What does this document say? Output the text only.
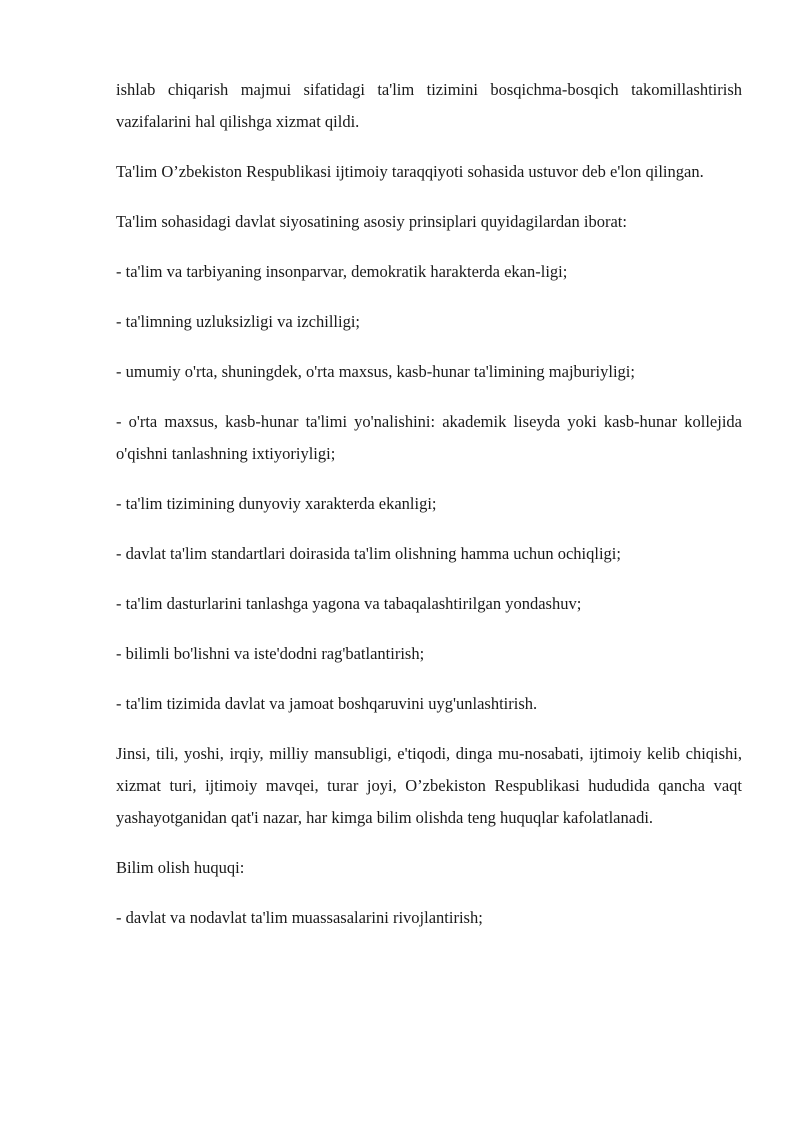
ishlab chiqarish majmui sifatidagi ta'lim tizimini bosqichma-bosqich takomillashtirish vazifalarini hal qilishga xizmat qildi.

Ta'lim O’zbekiston Respublikasi ijtimoiy taraqqiyoti sohasida ustuvor deb e'lon qilingan.

Ta'lim sohasidagi davlat siyosatining asosiy prinsiplari quyidagilardan iborat:

- ta'lim va tarbiyaning insonparvar, demokratik harakterda ekan-ligi;

- ta'limning uzluksizligi va izchilligi;

- umumiy o'rta, shuningdek, o'rta maxsus, kasb-hunar ta'limining majburiyligi;

- o'rta maxsus, kasb-hunar ta'limi yo'nalishini: akademik liseyda yoki kasb-hunar kollejida o'qishni tanlashning ixtiyoriyligi;

- ta'lim tizimining dunyoviy xarakterda ekanligi;

- davlat ta'lim standartlari doirasida ta'lim olishning hamma uchun ochiqligi;

- ta'lim dasturlarini tanlashga yagona va tabaqalashtirilgan yondashuv;

- bilimli bo'lishni va iste'dodni rag'batlantirish;

- ta'lim tizimida davlat va jamoat boshqaruvini uyg'unlashtirish.

Jinsi, tili, yoshi, irqiy, milliy mansubligi, e'tiqodi, dinga mu-nosabati, ijtimoiy kelib chiqishi, xizmat turi, ijtimoiy mavqei, turar joyi, O’zbekiston Respublikasi hududida qancha vaqt yashayotganidan qat'i nazar, har kimga bilim olishda teng huquqlar kafolatlanadi.

Bilim olish huquqi:

- davlat va nodavlat ta'lim muassasalarini rivojlantirish;
